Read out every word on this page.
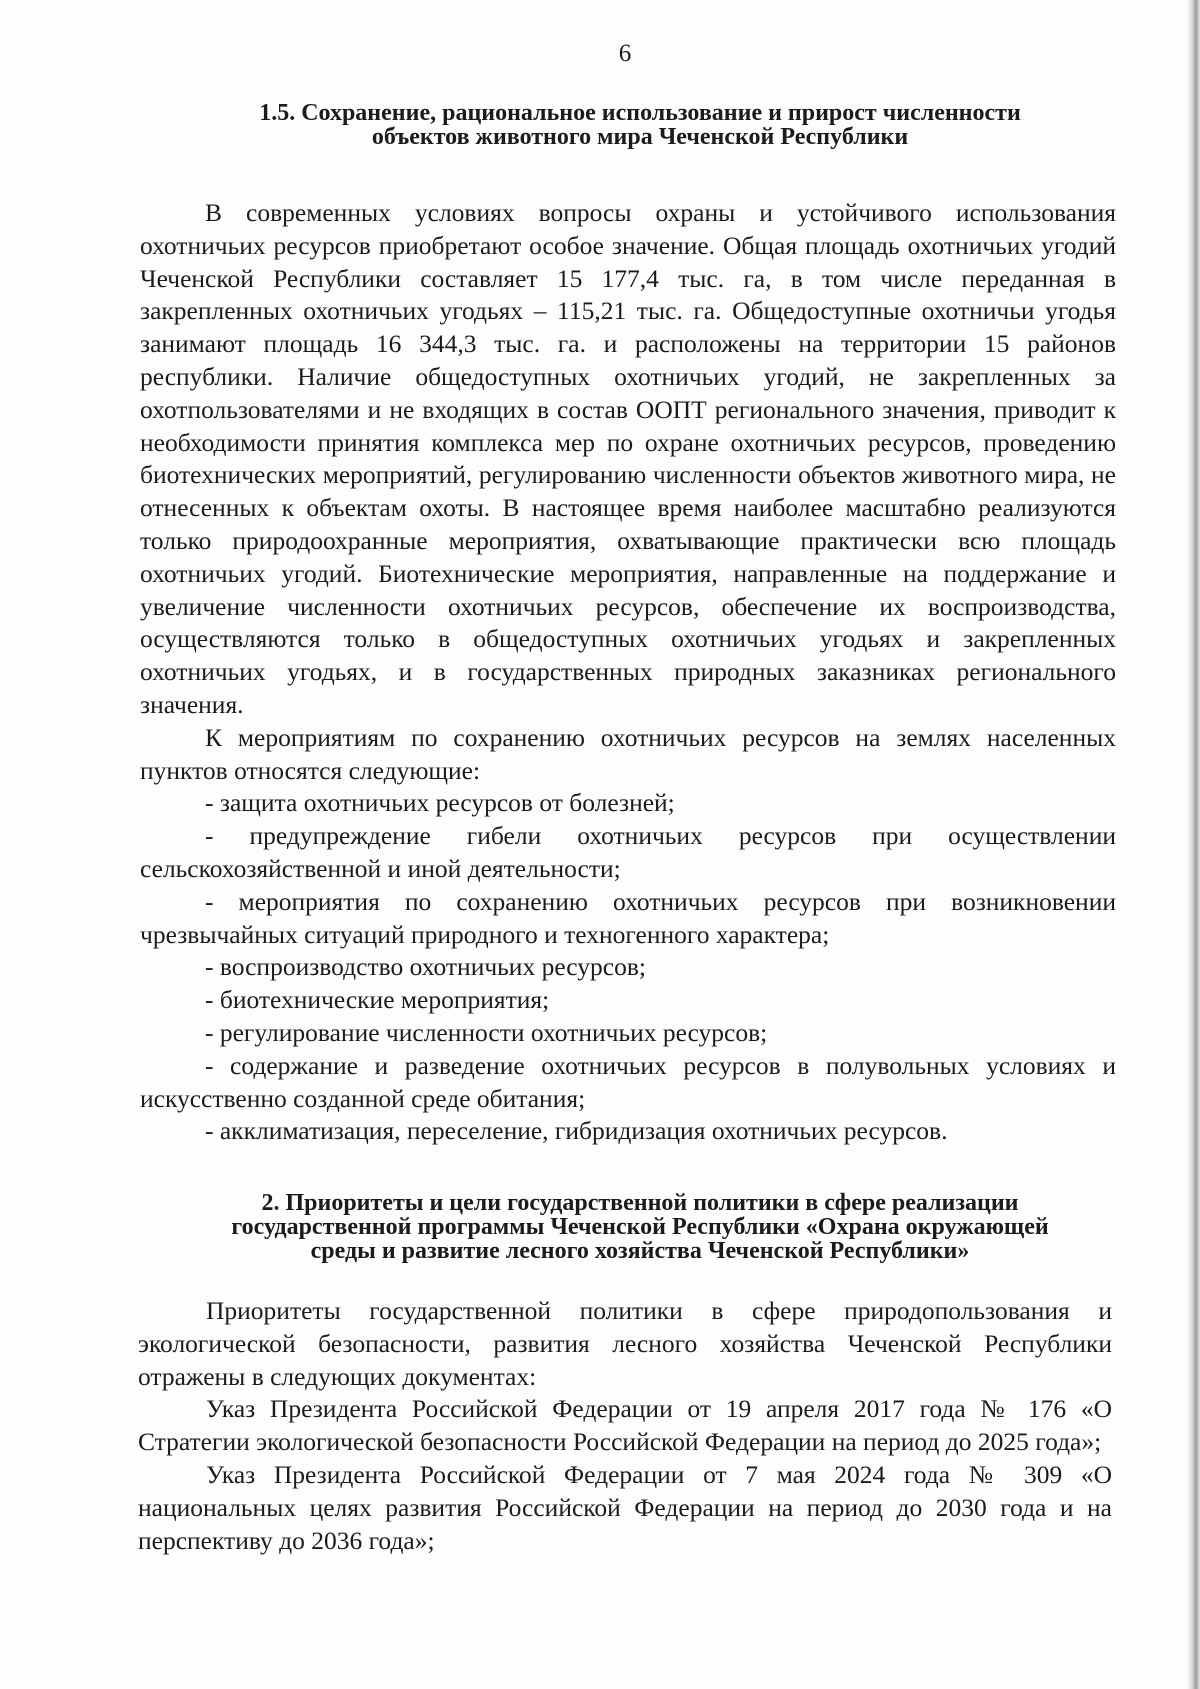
6
1.5. Сохранение, рациональное использование и прирост численности
объектов животного мира Чеченской Республики

В современных условиях вопросы охраны и устойчивого использования охотничьих ресурсов приобретают особое значение. Общая площадь охотничьих угодий Чеченской Республики составляет 15 177,4 тыс. га, в том числе переданная в закрепленных охотничьих угодьях – 115,21 тыс. га. Общедоступные охотничьи угодья занимают площадь 16 344,3 тыс. га. и расположены на территории 15 районов республики. Наличие общедоступных охотничьих угодий, не закрепленных за охотпользователями и не входящих в состав ООПТ регионального значения, приводит к необходимости принятия комплекса мер по охране охотничьих ресурсов, проведению биотехнических мероприятий, регулированию численности объектов животного мира, не отнесенных к объектам охоты. В настоящее время наиболее масштабно реализуются только природоохранные мероприятия, охватывающие практически всю площадь охотничьих угодий. Биотехнические мероприятия, направленные на поддержание и увеличение численности охотничьих ресурсов, обеспечение их воспроизводства, осуществляются только в общедоступных охотничьих угодьях и закрепленных охотничьих угодьях, и в государственных природных заказниках регионального значения.

К мероприятиям по сохранению охотничьих ресурсов на землях населенных пунктов относятся следующие:

- защита охотничьих ресурсов от болезней;

- предупреждение гибели охотничьих ресурсов при осуществлении сельскохозяйственной и иной деятельности;

- мероприятия по сохранению охотничьих ресурсов при возникновении чрезвычайных ситуаций природного и техногенного характера;

- воспроизводство охотничьих ресурсов;

- биотехнические мероприятия;

- регулирование численности охотничьих ресурсов;

- содержание и разведение охотничьих ресурсов в полувольных условиях и искусственно созданной среде обитания;

- акклиматизация, переселение, гибридизация охотничьих ресурсов.

2. Приоритеты и цели государственной политики в сфере реализации
государственной программы Чеченской Республики «Охрана окружающей
среды и развитие лесного хозяйства Чеченской Республики»

Приоритеты государственной политики в сфере природопользования и экологической безопасности, развития лесного хозяйства Чеченской Республики отражены в следующих документах:

Указ Президента Российской Федерации от 19 апреля 2017 года № 176 «О Стратегии экологической безопасности Российской Федерации на период до 2025 года»;

Указ Президента Российской Федерации от 7 мая 2024 года № 309 «О национальных целях развития Российской Федерации на период до 2030 года и на перспективу до 2036 года»;
